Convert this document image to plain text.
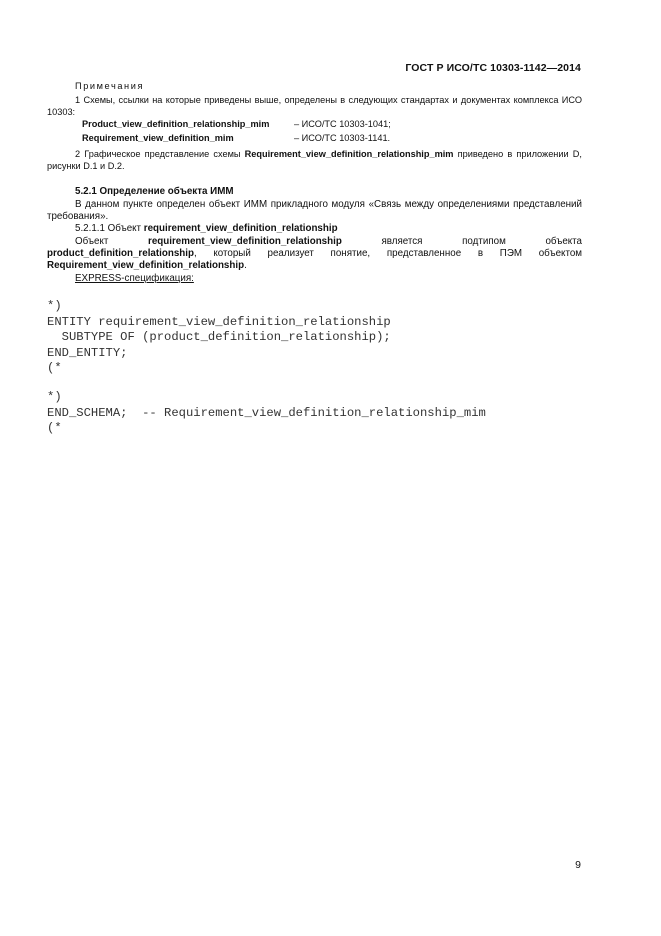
ГОСТ Р ИСО/ТС 10303-1142—2014
Примечания
1 Схемы, ссылки на которые приведены выше, определены в следующих стандартах и документах комплекса ИСО 10303:
Product_view_definition_relationship_mim	– ИСО/ТС 10303-1041;
Requirement_view_definition_mim	– ИСО/ТС 10303-1141.
2 Графическое представление схемы Requirement_view_definition_relationship_mim приведено в приложении D, рисунки D.1 и D.2.
5.2.1 Определение объекта ИММ
В данном пункте определен объект ИММ прикладного модуля «Связь между определениями представлений требования».
5.2.1.1 Объект requirement_view_definition_relationship
Объект requirement_view_definition_relationship является подтипом объекта product_definition_relationship, который реализует понятие, представленное в ПЭМ объектом Requirement_view_definition_relationship.
EXPRESS-спецификация:
*)
ENTITY requirement_view_definition_relationship
SUBTYPE OF (product_definition_relationship);
END_ENTITY;
(*
*)
END_SCHEMA;  -- Requirement_view_definition_relationship_mim
(*
9
